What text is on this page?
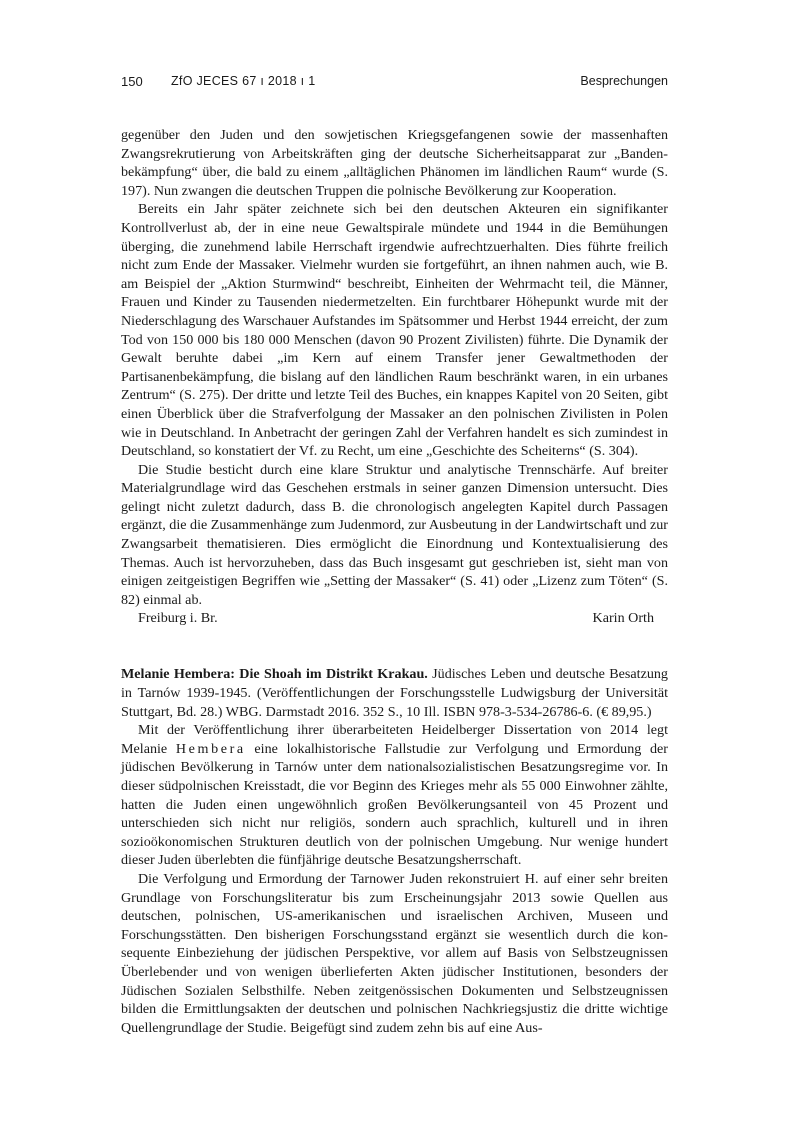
150 ZfO JECES 67 ı 2018 ı 1	Besprechungen

gegenüber den Juden und den sowjetischen Kriegsgefangenen sowie der massenhaften Zwangsrekrutierung von Arbeitskräften ging der deutsche Sicherheitsapparat zur „Bandenbekämpfung“ über, die bald zu einem „alltäglichen Phänomen im ländlichen Raum“ wurde (S. 197). Nun zwangen die deutschen Truppen die polnische Bevölkerung zur Kooperation.

Bereits ein Jahr später zeichnete sich bei den deutschen Akteuren ein signifikanter Kontrollverlust ab, der in eine neue Gewaltspirale mündete und 1944 in die Bemühungen überging, die zunehmend labile Herrschaft irgendwie aufrechtzuerhalten. Dies führte freilich nicht zum Ende der Massaker. Vielmehr wurden sie fortgeführt, an ihnen nahmen auch, wie B. am Beispiel der „Aktion Sturmwind“ beschreibt, Einheiten der Wehrmacht teil, die Männer, Frauen und Kinder zu Tausenden niedermetzelten. Ein furchtbarer Höhepunkt wurde mit der Niederschlagung des Warschauer Aufstandes im Spätsommer und Herbst 1944 erreicht, der zum Tod von 150 000 bis 180 000 Menschen (davon 90 Prozent Zivilisten) führte. Die Dynamik der Gewalt beruhte dabei „im Kern auf einem Transfer jener Gewaltmethoden der Partisanenbekämpfung, die bislang auf den ländlichen Raum beschränkt waren, in ein urbanes Zentrum“ (S. 275). Der dritte und letzte Teil des Buches, ein knappes Kapitel von 20 Seiten, gibt einen Überblick über die Strafverfolgung der Massaker an den polnischen Zivilisten in Polen wie in Deutschland. In Anbetracht der geringen Zahl der Verfahren handelt es sich zumindest in Deutschland, so konstatiert der Vf. zu Recht, um eine „Geschichte des Scheiterns“ (S. 304).

Die Studie besticht durch eine klare Struktur und analytische Trennschärfe. Auf breiter Materialgrundlage wird das Geschehen erstmals in seiner ganzen Dimension untersucht. Dies gelingt nicht zuletzt dadurch, dass B. die chronologisch angelegten Kapitel durch Passagen ergänzt, die die Zusammenhänge zum Judenmord, zur Ausbeutung in der Landwirtschaft und zur Zwangsarbeit thematisieren. Dies ermöglicht die Einordnung und Kontextualisierung des Themas. Auch ist hervorzuheben, dass das Buch insgesamt gut geschrieben ist, sieht man von einigen zeitgeistigen Begriffen wie „Setting der Massaker“ (S. 41) oder „Lizenz zum Töten“ (S. 82) einmal ab.

Freiburg i. Br.	Karin Orth

Melanie Hembera: Die Shoah im Distrikt Krakau. Jüdisches Leben und deutsche Besatzung in Tarnów 1939-1945. (Veröffentlichungen der Forschungsstelle Ludwigsburg der Universität Stuttgart, Bd. 28.) WBG. Darmstadt 2016. 352 S., 10 Ill. ISBN 978-3-534-26786-6. (€ 89,95.)

Mit der Veröffentlichung ihrer überarbeiteten Heidelberger Dissertation von 2014 legt Melanie Hembera eine lokalhistorische Fallstudie zur Verfolgung und Ermordung der jüdischen Bevölkerung in Tarnów unter dem nationalsozialistischen Besatzungsregime vor. In dieser südpolnischen Kreisstadt, die vor Beginn des Krieges mehr als 55 000 Einwohner zählte, hatten die Juden einen ungewöhnlich großen Bevölkerungsanteil von 45 Prozent und unterschieden sich nicht nur religiös, sondern auch sprachlich, kulturell und in ihren sozioökonomischen Strukturen deutlich von der polnischen Umgebung. Nur wenige hundert dieser Juden überlebten die fünfjährige deutsche Besatzungsherrschaft.

Die Verfolgung und Ermordung der Tarnower Juden rekonstruiert H. auf einer sehr breiten Grundlage von Forschungsliteratur bis zum Erscheinungsjahr 2013 sowie Quellen aus deutschen, polnischen, US-amerikanischen und israelischen Archiven, Museen und Forschungsstätten. Den bisherigen Forschungsstand ergänzt sie wesentlich durch die konsequente Einbeziehung der jüdischen Perspektive, vor allem auf Basis von Selbstzeugnissen Überlebender und von wenigen überlieferten Akten jüdischer Institutionen, besonders der Jüdischen Sozialen Selbsthilfe. Neben zeitgenössischen Dokumenten und Selbstzeugnissen bilden die Ermittlungsakten der deutschen und polnischen Nachkriegsjustiz die dritte wichtige Quellengrundlage der Studie. Beigefügt sind zudem zehn bis auf eine Aus-
